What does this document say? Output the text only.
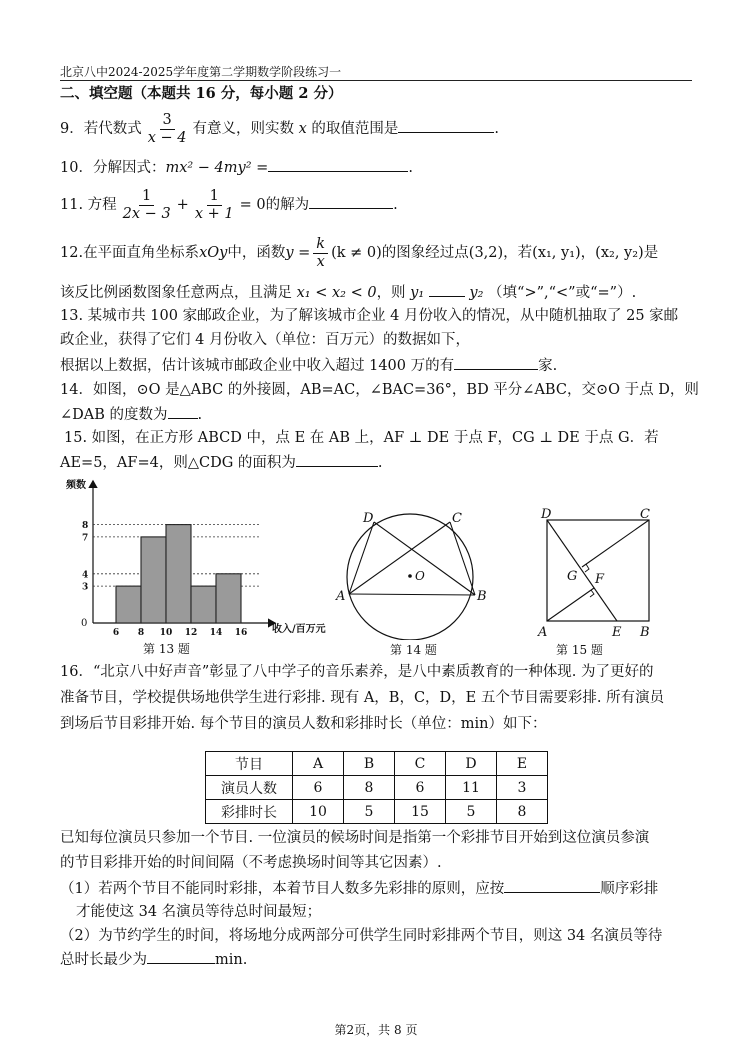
北京八中2024-2025学年度第二学期数学阶段练习一
二、填空题（本题共 16 分，每小题 2 分）
9．若代数式 $\frac{3}{x - 4}$ 有意义，则实数 x 的取值范围是	.
10．分解因式：mx² − 4my² =	.
11. 方程 $\frac{1}{2x - 3} + \frac{1}{x + 1} = 0$的解为	.
12.在平面直角坐标系xOy中，函数$y = \frac{k}{x} (k \ne 0)$的图象经过点(3,2)，若(x₁, y₁)，(x₂, y₂)是
该反比例函数图象任意两点，且满足 x₁ < x₂ < 0，则 y₁	y₂ （填“>”,“<”或“=”）.
13. 某城市共 100 家邮政企业，为了解该城市企业 4 月份收入的情况，从中随机抽取了 25 家邮
政企业，获得了它们 4 月份收入（单位：百万元）的数据如下，
根据以上数据，估计该城市邮政企业中收入超过 1400 万的有	家.
14．如图，⊙O 是△ABC 的外接圆，AB=AC，∠BAC=36°，BD 平分∠ABC，交⊙O 于点 D，则
∠DAB 的度数为 .
15. 如图，在正方形 ABCD 中，点 E 在 AB 上，AF ⊥ DE 于点 F，CG ⊥ DE 于点 G．若
AE=5，AF=4，则△CDG 的面积为	.
频数
收入/百万元
0
3
4
7
8
6 8 10 12 14 16
第 13 题
D	C
O
A	B
第 14 题
D	C
G F
A	E B
第 15 题
16．“北京八中好声音”彰显了八中学子的音乐素养，是八中素质教育的一种体现. 为了更好的
准备节目，学校提供场地供学生进行彩排. 现有 A，B，C，D，E 五个节目需要彩排. 所有演员
到场后节目彩排开始. 每个节目的演员人数和彩排时长（单位：min）如下：
节目	A	B	C	D	E
演员人数	6	8	6	11	3
彩排时长	10	5	15	5	8
已知每位演员只参加一个节目. 一位演员的候场时间是指第一个彩排节目开始到这位演员参演
的节目彩排开始的时间间隔（不考虑换场时间等其它因素）.
（1）若两个节目不能同时彩排，本着节目人数多先彩排的原则，应按	顺序彩排
才能使这 34 名演员等待总时间最短；
（2）为节约学生的时间，将场地分成两部分可供学生同时彩排两个节目，则这 34 名演员等待
总时长最少为	min.
第2页，共 8 页
